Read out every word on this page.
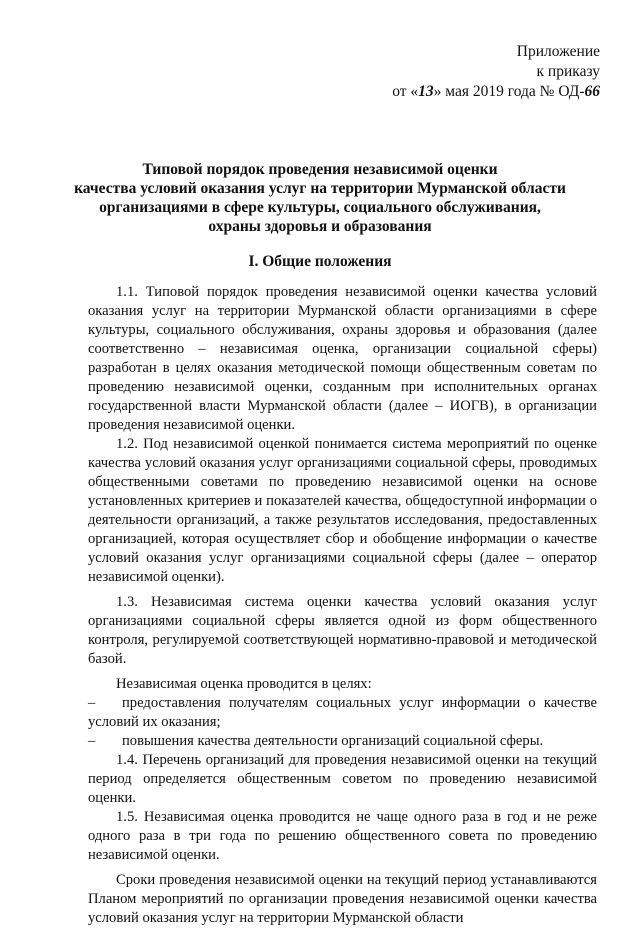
Приложение
к приказу
от «13» мая 2019 года № ОД-66
Типовой порядок проведения независимой оценки
качества условий оказания услуг на территории Мурманской области
организациями в сфере культуры, социального обслуживания,
охраны здоровья и образования
I. Общие положения

1.1. Типовой порядок проведения независимой оценки качества условий оказания услуг на территории Мурманской области организациями в сфере культуры, социального обслуживания, охраны здоровья и образования (далее соответственно – независимая оценка, организации социальной сферы) разработан в целях оказания методической помощи общественным советам по проведению независимой оценки, созданным при исполнительных органах государственной власти Мурманской области (далее – ИОГВ), в организации проведения независимой оценки.

1.2. Под независимой оценкой понимается система мероприятий по оценке качества условий оказания услуг организациями социальной сферы, проводимых общественными советами по проведению независимой оценки на основе установленных критериев и показателей качества, общедоступной информации о деятельности организаций, а также результатов исследования, предоставленных организацией, которая осуществляет сбор и обобщение информации о качестве условий оказания услуг организациями социальной сферы (далее – оператор независимой оценки).

1.3. Независимая система оценки качества условий оказания услуг организациями социальной сферы является одной из форм общественного контроля, регулируемой соответствующей нормативно-правовой и методической базой.

Независимая оценка проводится в целях:

– предоставления получателям социальных услуг информации о качестве условий их оказания;

– повышения качества деятельности организаций социальной сферы.

1.4. Перечень организаций для проведения независимой оценки на текущий период определяется общественным советом по проведению независимой оценки.

1.5. Независимая оценка проводится не чаще одного раза в год и не реже одного раза в три года по решению общественного совета по проведению независимой оценки.

Сроки проведения независимой оценки на текущий период устанавливаются Планом мероприятий по организации проведения независимой оценки качества условий оказания услуг на территории Мурманской области
